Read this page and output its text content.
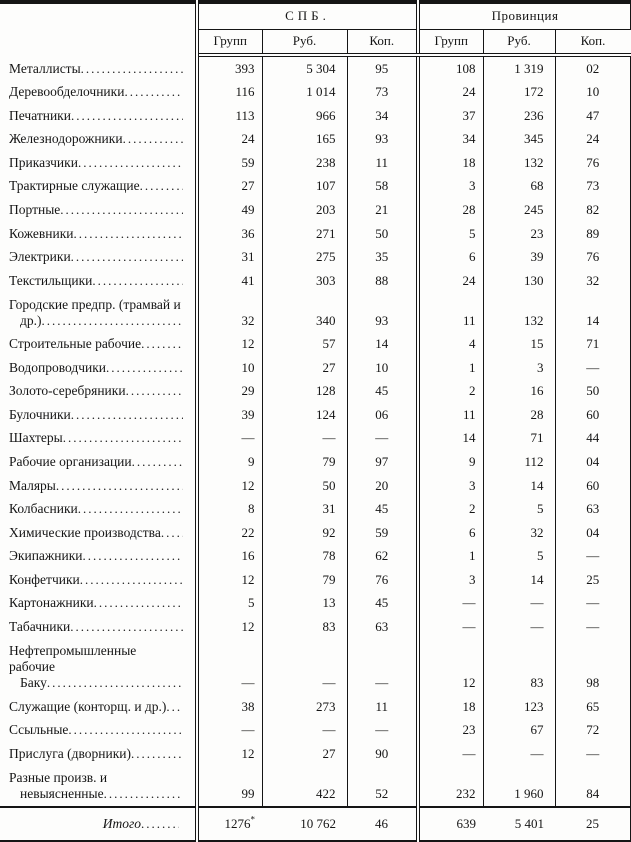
	СПБ.			Провинция		
	Групп	Руб.	Коп.	Групп	Руб.	Коп.

Металлисты
.....	393	5 304	95	108	1 319	02

Деревообделочники
.....	116	1 014	73	24	172	10

Печатники
.....	113	966	34	37	236	47

Железнодорожники
.....	24	165	93	34	345	24

Приказчики
.....	59	238	11	18	132	76

Трактирные служащие
.....	27	107	58	3	68	73

Портные
.....	49	203	21	28	245	82

Кожевники
.....	36	271	50	5	23	89

Электрики
.....	31	275	35	6	39	76

Текстильщики
.....	41	303	88	24	130	32

Городские предпр. (трамвай и
др.)
.....	32	340	93	11	132	14

Строительные рабочие
.....	12	57	14	4	15	71

Водопроводчики
.....	10	27	10	1	3	—

Золото-серебряники
.....	29	128	45	2	16	50

Булочники
.....	39	124	06	11	28	60

Шахтеры
.....	—	—	—	14	71	44

Рабочие организации
.....	9	79	97	9	112	04

Маляры
.....	12	50	20	3	14	60

Колбасники
.....	8	31	45	2	5	63

Химические производства
.....	22	92	59	6	32	04

Экипажники
.....	16	78	62	1	5	—

Конфетчики
.....	12	79	76	3	14	25

Картонажники
.....	5	13	45	—	—	—

Табачники
.....	12	83	63	—	—	—

Нефтепромышленные рабочие
Баку
.....	—	—	—	12	83	98

Служащие (конторщ. и др.)
.....	38	273	11	18	123	65

Ссыльные
.....	—	—	—	23	67	72

Прислуга (дворники)
.....	12	27	90	—	—	—

Разные произв. и
невыясненные
.....	99	422	52	232	1 960	84

Итого
.....	1276*	10 762	46	639	5 401	25
